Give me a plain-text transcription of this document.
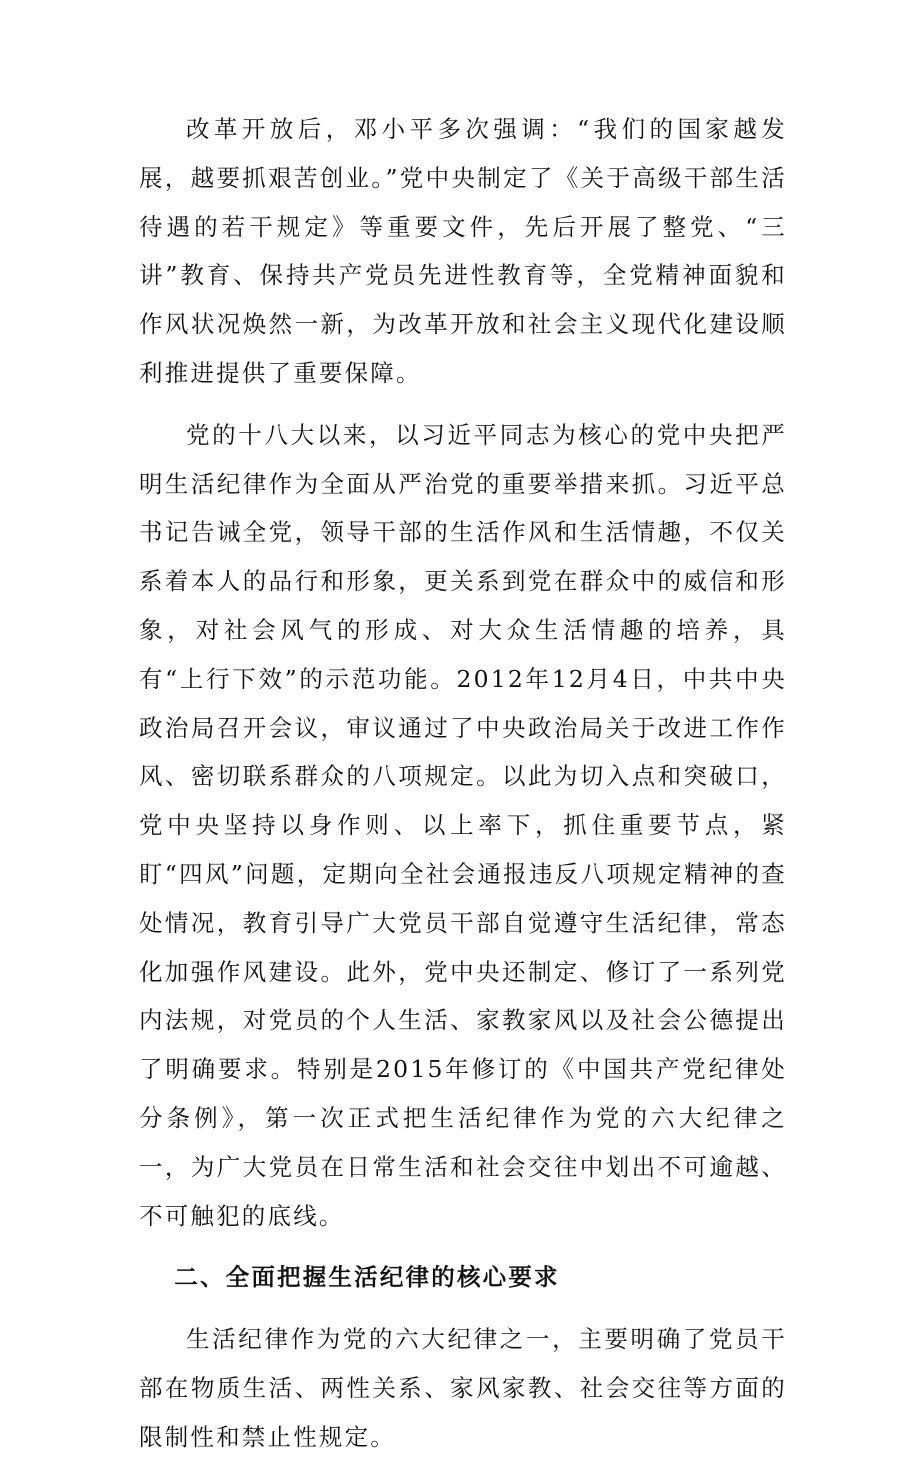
改革开放后，邓小平多次强调：“我们的国家越发展，越要抓艰苦创业。”党中央制定了《关于高级干部生活待遇的若干规定》等重要文件，先后开展了整党、“三讲”教育、保持共产党员先进性教育等，全党精神面貌和作风状况焕然一新，为改革开放和社会主义现代化建设顺利推进提供了重要保障。

党的十八大以来，以习近平同志为核心的党中央把严明生活纪律作为全面从严治党的重要举措来抓。习近平总书记告诫全党，领导干部的生活作风和生活情趣，不仅关系着本人的品行和形象，更关系到党在群众中的威信和形象，对社会风气的形成、对大众生活情趣的培养，具有“上行下效”的示范功能。2012年12月4日，中共中央政治局召开会议，审议通过了中央政治局关于改进工作作风、密切联系群众的八项规定。以此为切入点和突破口，党中央坚持以身作则、以上率下，抓住重要节点，紧盯“四风”问题，定期向全社会通报违反八项规定精神的查处情况，教育引导广大党员干部自觉遵守生活纪律，常态化加强作风建设。此外，党中央还制定、修订了一系列党内法规，对党员的个人生活、家教家风以及社会公德提出了明确要求。特别是2015年修订的《中国共产党纪律处分条例》，第一次正式把生活纪律作为党的六大纪律之一，为广大党员在日常生活和社会交往中划出不可逾越、不可触犯的底线。

二、全面把握生活纪律的核心要求

生活纪律作为党的六大纪律之一，主要明确了党员干部在物质生活、两性关系、家风家教、社会交往等方面的限制性和禁止性规定。
